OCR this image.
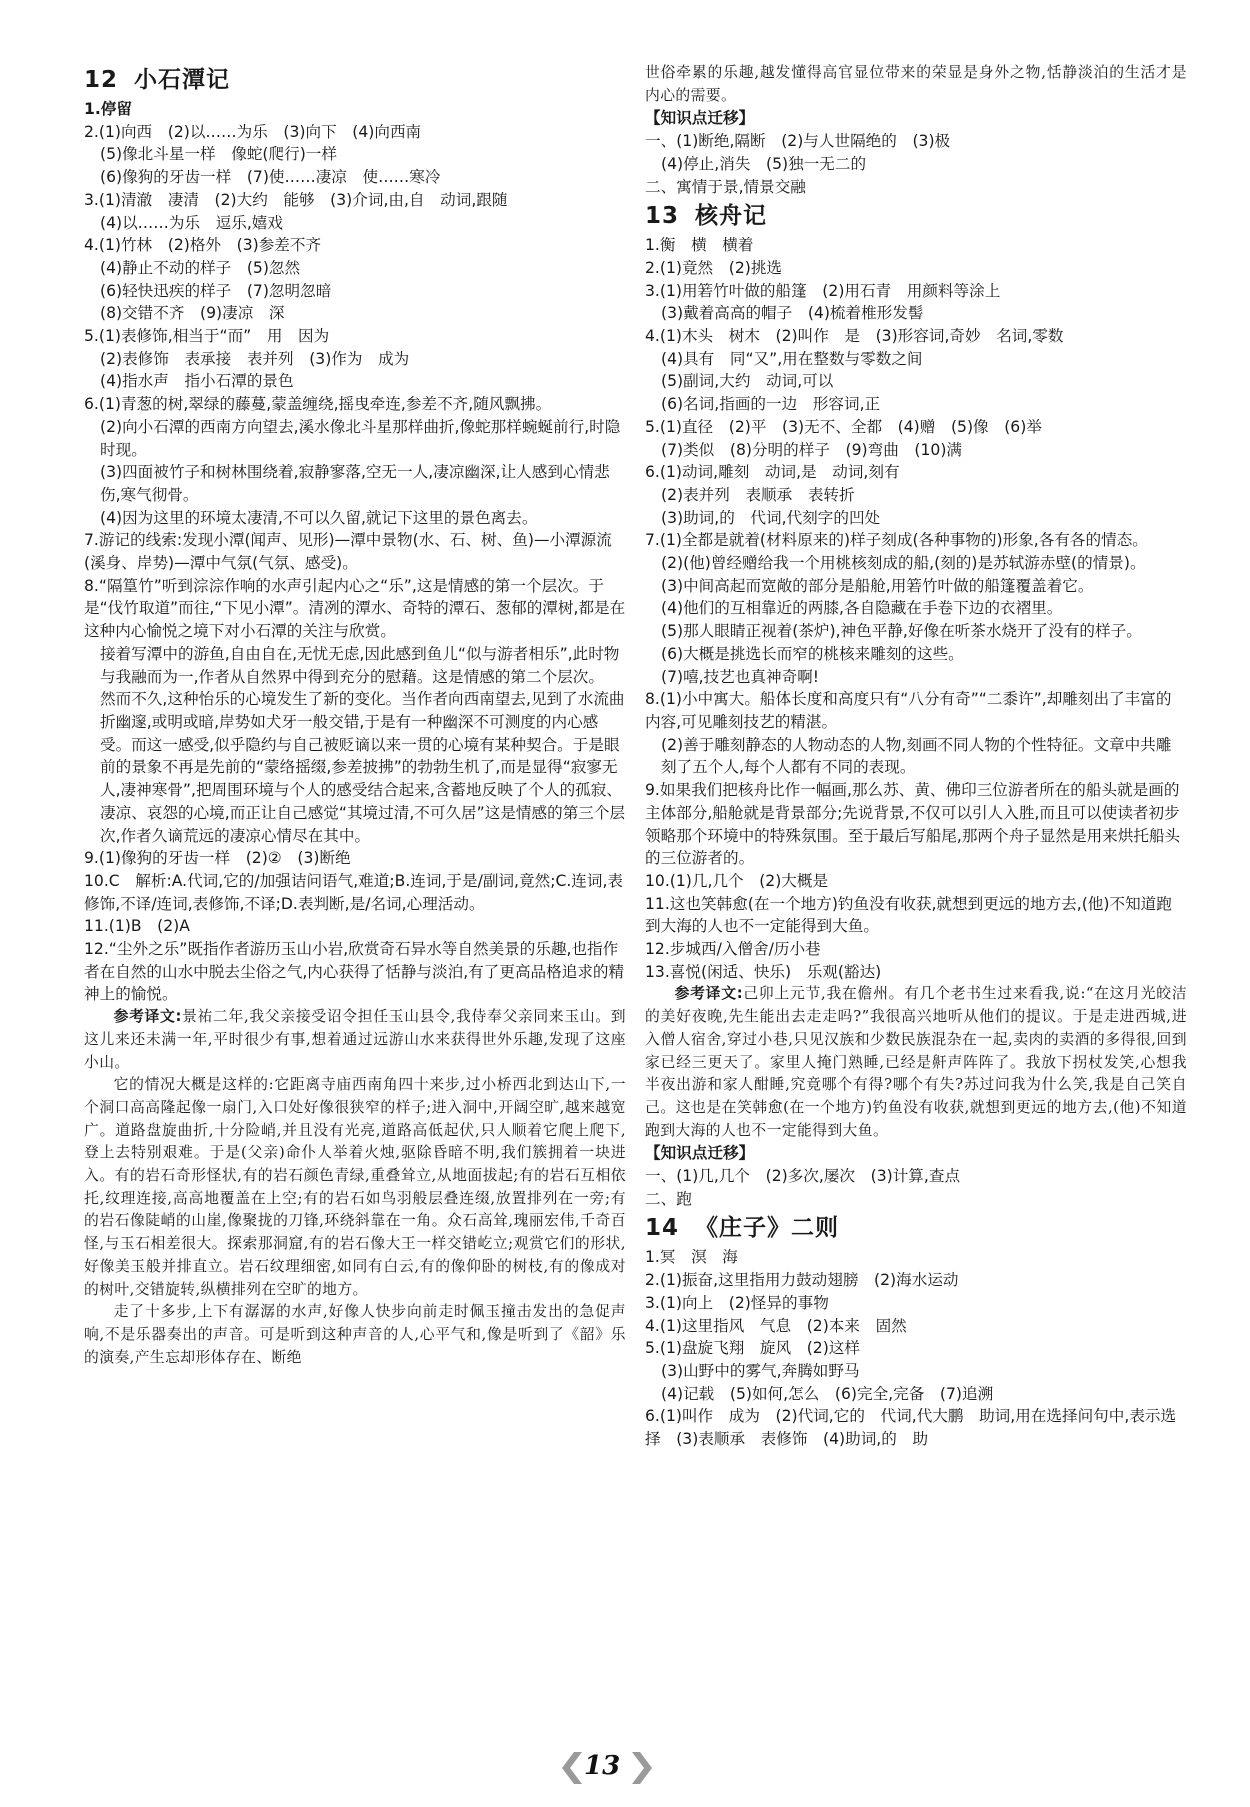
12 小石潭记
1.停留
2.(1)向西　(2)以……为乐　(3)向下　(4)向西南
(5)像北斗星一样　像蛇(爬行)一样
(6)像狗的牙齿一样　(7)使……凄凉　使……寒冷
3.(1)清澈　凄清　(2)大约　能够　(3)介词,由,自　动词,跟随
(4)以……为乐　逗乐,嬉戏
4.(1)竹林　(2)格外　(3)参差不齐
(4)静止不动的样子　(5)忽然
(6)轻快迅疾的样子　(7)忽明忽暗
(8)交错不齐　(9)凄凉　深
5.(1)表修饰,相当于“而”　用　因为
(2)表修饰　表承接　表并列　(3)作为　成为
(4)指水声　指小石潭的景色
6.(1)青葱的树,翠绿的藤蔓,蒙盖缠绕,摇曳牵连,参差不齐,随风飘拂。
(2)向小石潭的西南方向望去,溪水像北斗星那样曲折,像蛇那样蜿蜒前行,时隐时现。
(3)四面被竹子和树林围绕着,寂静寥落,空无一人,凄凉幽深,让人感到心情悲伤,寒气彻骨。
(4)因为这里的环境太凄清,不可以久留,就记下这里的景色离去。
7.游记的线索:发现小潭(闻声、见形)—潭中景物(水、石、树、鱼)—小潭源流(溪身、岸势)—潭中气氛(气氛、感受)。
8.“隔篁竹”听到淙淙作响的水声引起内心之“乐”,这是情感的第一个层次。于是“伐竹取道”而往,“下见小潭”。清冽的潭水、奇特的潭石、葱郁的潭树,都是在这种内心愉悦之境下对小石潭的关注与欣赏。
接着写潭中的游鱼,自由自在,无忧无虑,因此感到鱼儿“似与游者相乐”,此时物与我融而为一,作者从自然界中得到充分的慰藉。这是情感的第二个层次。
然而不久,这种怡乐的心境发生了新的变化。当作者向西南望去,见到了水流曲折幽邃,或明或暗,岸势如犬牙一般交错,于是有一种幽深不可测度的内心感受。而这一感受,似乎隐约与自己被贬谪以来一贯的心境有某种契合。于是眼前的景象不再是先前的“蒙络摇缀,参差披拂”的勃勃生机了,而是显得“寂寥无人,凄神寒骨”,把周围环境与个人的感受结合起来,含蓄地反映了个人的孤寂、凄凉、哀怨的心境,而正让自己感觉“其境过清,不可久居”这是情感的第三个层次,作者久谪荒远的凄凉心情尽在其中。
9.(1)像狗的牙齿一样　(2)②　(3)断绝
10.C　解析:A.代词,它的/加强诘问语气,难道;B.连词,于是/副词,竟然;C.连词,表修饰,不译/连词,表修饰,不译;D.表判断,是/名词,心理活动。
11.(1)B　(2)A
12.“尘外之乐”既指作者游历玉山小岩,欣赏奇石异水等自然美景的乐趣,也指作者在自然的山水中脱去尘俗之气,内心获得了恬静与淡泊,有了更高品格追求的精神上的愉悦。

参考译文:景祐二年,我父亲接受诏令担任玉山县令,我侍奉父亲同来玉山。到这儿来还未满一年,平时很少有事,想着通过远游山水来获得世外乐趣,发现了这座小山。

它的情况大概是这样的:它距离寺庙西南角四十来步,过小桥西北到达山下,一个洞口高高隆起像一扇门,入口处好像很狭窄的样子;进入洞中,开阔空旷,越来越宽广。道路盘旋曲折,十分险峭,并且没有光亮,道路高低起伏,只人顺着它爬上爬下,登上去特别艰难。于是(父亲)命仆人举着火烛,驱除昏暗不明,我们簇拥着一块进入。有的岩石奇形怪状,有的岩石颜色青绿,重叠耸立,从地面拔起;有的岩石互相依托,纹理连接,高高地覆盖在上空;有的岩石如鸟羽般层叠连缀,放置排列在一旁;有的岩石像陡峭的山崖,像聚拢的刀锋,环绕斜靠在一角。众石高耸,瑰丽宏伟,千奇百怪,与玉石相差很大。探索那洞窟,有的岩石像大王一样交错屹立;观赏它们的形状,好像美玉般并排直立。岩石纹理细密,如同有白云,有的像仰卧的树枝,有的像成对的树叶,交错旋转,纵横排列在空旷的地方。

走了十多步,上下有潺潺的水声,好像人快步向前走时佩玉撞击发出的急促声响,不是乐器奏出的声音。可是听到这种声音的人,心平气和,像是听到了《韶》乐的演奏,产生忘却形体存在、断绝

世俗牵累的乐趣,越发懂得高官显位带来的荣显是身外之物,恬静淡泊的生活才是内心的需要。

【知识点迁移】
一、(1)断绝,隔断　(2)与人世隔绝的　(3)极
(4)停止,消失　(5)独一无二的
二、寓情于景,情景交融
13 核舟记
1.衡　横　横着
2.(1)竟然　(2)挑选
3.(1)用箬竹叶做的船篷　(2)用石青　用颜料等涂上
(3)戴着高高的帽子　(4)梳着椎形发髻
4.(1)木头　树木　(2)叫作　是　(3)形容词,奇妙　名词,零数
(4)具有　同“又”,用在整数与零数之间
(5)副词,大约　动词,可以
(6)名词,指画的一边　形容词,正
5.(1)直径　(2)平　(3)无不、全都　(4)赠　(5)像　(6)举
(7)类似　(8)分明的样子　(9)弯曲　(10)满
6.(1)动词,雕刻　动词,是　动词,刻有
(2)表并列　表顺承　表转折
(3)助词,的　代词,代刻字的凹处
7.(1)全都是就着(材料原来的)样子刻成(各种事物的)形象,各有各的情态。
(2)(他)曾经赠给我一个用桃核刻成的船,(刻的)是苏轼游赤壁(的情景)。
(3)中间高起而宽敞的部分是船舱,用箬竹叶做的船篷覆盖着它。
(4)他们的互相靠近的两膝,各自隐藏在手卷下边的衣褶里。
(5)那人眼睛正视着(茶炉),神色平静,好像在听茶水烧开了没有的样子。
(6)大概是挑选长而窄的桃核来雕刻的这些。
(7)嘻,技艺也真神奇啊!
8.(1)小中寓大。船体长度和高度只有“八分有奇”“二黍许”,却雕刻出了丰富的内容,可见雕刻技艺的精湛。
(2)善于雕刻静态的人物动态的人物,刻画不同人物的个性特征。文章中共雕刻了五个人,每个人都有不同的表现。
9.如果我们把核舟比作一幅画,那么苏、黄、佛印三位游者所在的船头就是画的主体部分,船舱就是背景部分;先说背景,不仅可以引人入胜,而且可以使读者初步领略那个环境中的特殊氛围。至于最后写船尾,那两个舟子显然是用来烘托船头的三位游者的。
10.(1)几,几个　(2)大概是
11.这也笑韩愈(在一个地方)钓鱼没有收获,就想到更远的地方去,(他)不知道跑到大海的人也不一定能得到大鱼。
12.步城西/入僧舍/历小巷
13.喜悦(闲适、快乐)　乐观(豁达)

参考译文:己卯上元节,我在儋州。有几个老书生过来看我,说:“在这月光皎洁的美好夜晚,先生能出去走走吗?”我很高兴地听从他们的提议。于是走进西城,进入僧人宿舍,穿过小巷,只见汉族和少数民族混杂在一起,卖肉的卖酒的多得很,回到家已经三更天了。家里人掩门熟睡,已经是鼾声阵阵了。我放下拐杖发笑,心想我半夜出游和家人酣睡,究竟哪个有得?哪个有失?苏过问我为什么笑,我是自己笑自己。这也是在笑韩愈(在一个地方)钓鱼没有收获,就想到更远的地方去,(他)不知道跑到大海的人也不一定能得到大鱼。

【知识点迁移】
一、(1)几,几个　(2)多次,屡次　(3)计算,查点
二、跑
14 《庄子》二则
1.冥　溟　海
2.(1)振奋,这里指用力鼓动翅膀　(2)海水运动
3.(1)向上　(2)怪异的事物
4.(1)这里指风　气息　(2)本来　固然
5.(1)盘旋飞翔　旋风　(2)这样
(3)山野中的雾气,奔腾如野马
(4)记载　(5)如何,怎么　(6)完全,完备　(7)追溯
6.(1)叫作　成为　(2)代词,它的　代词,代大鹏　助词,用在选择问句中,表示选择　(3)表顺承　表修饰　(4)助词,的　助
13
